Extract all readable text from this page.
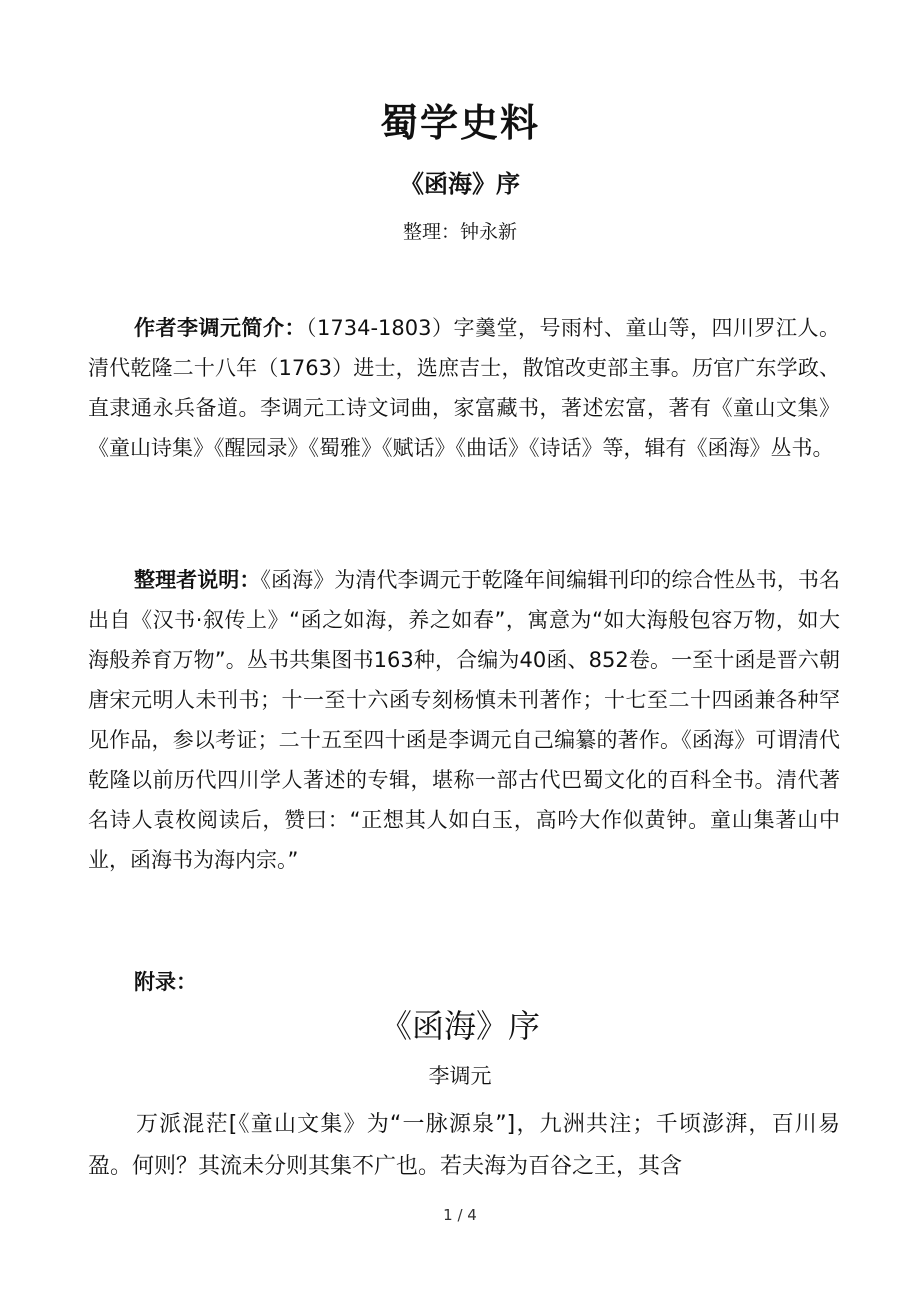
蜀学史料
《函海》序
整理：钟永新
作者李调元简介：（1734-1803）字羹堂，号雨村、童山等，四川罗江人。清代乾隆二十八年（1763）进士，选庶吉士，散馆改吏部主事。历官广东学政、直隶通永兵备道。李调元工诗文词曲，家富藏书，著述宏富，著有《童山文集》《童山诗集》《醒园录》《蜀雅》《赋话》《曲话》《诗话》等，辑有《函海》丛书。
整理者说明：《函海》为清代李调元于乾隆年间编辑刊印的综合性丛书，书名出自《汉书·叙传上》“函之如海，养之如春”，寓意为“如大海般包容万物，如大海般养育万物”。丛书共集图书163种，合编为40函、852卷。一至十函是晋六朝唐宋元明人未刊书；十一至十六函专刻杨慎未刊著作；十七至二十四函兼各种罕见作品，参以考证；二十五至四十函是李调元自己编纂的著作。《函海》可谓清代乾隆以前历代四川学人著述的专辑，堪称一部古代巴蜀文化的百科全书。清代著名诗人袁枚阅读后，赞曰：“正想其人如白玉，高吟大作似黄钟。童山集著山中业，函海书为海内宗。”
附录：
《函海》序
李调元
万派混茫[《童山文集》为“一脉源泉”]，九洲共注；千顷澎湃，百川易盈。何则？其流未分则其集不广也。若夫海为百谷之王，其含
1 / 4
